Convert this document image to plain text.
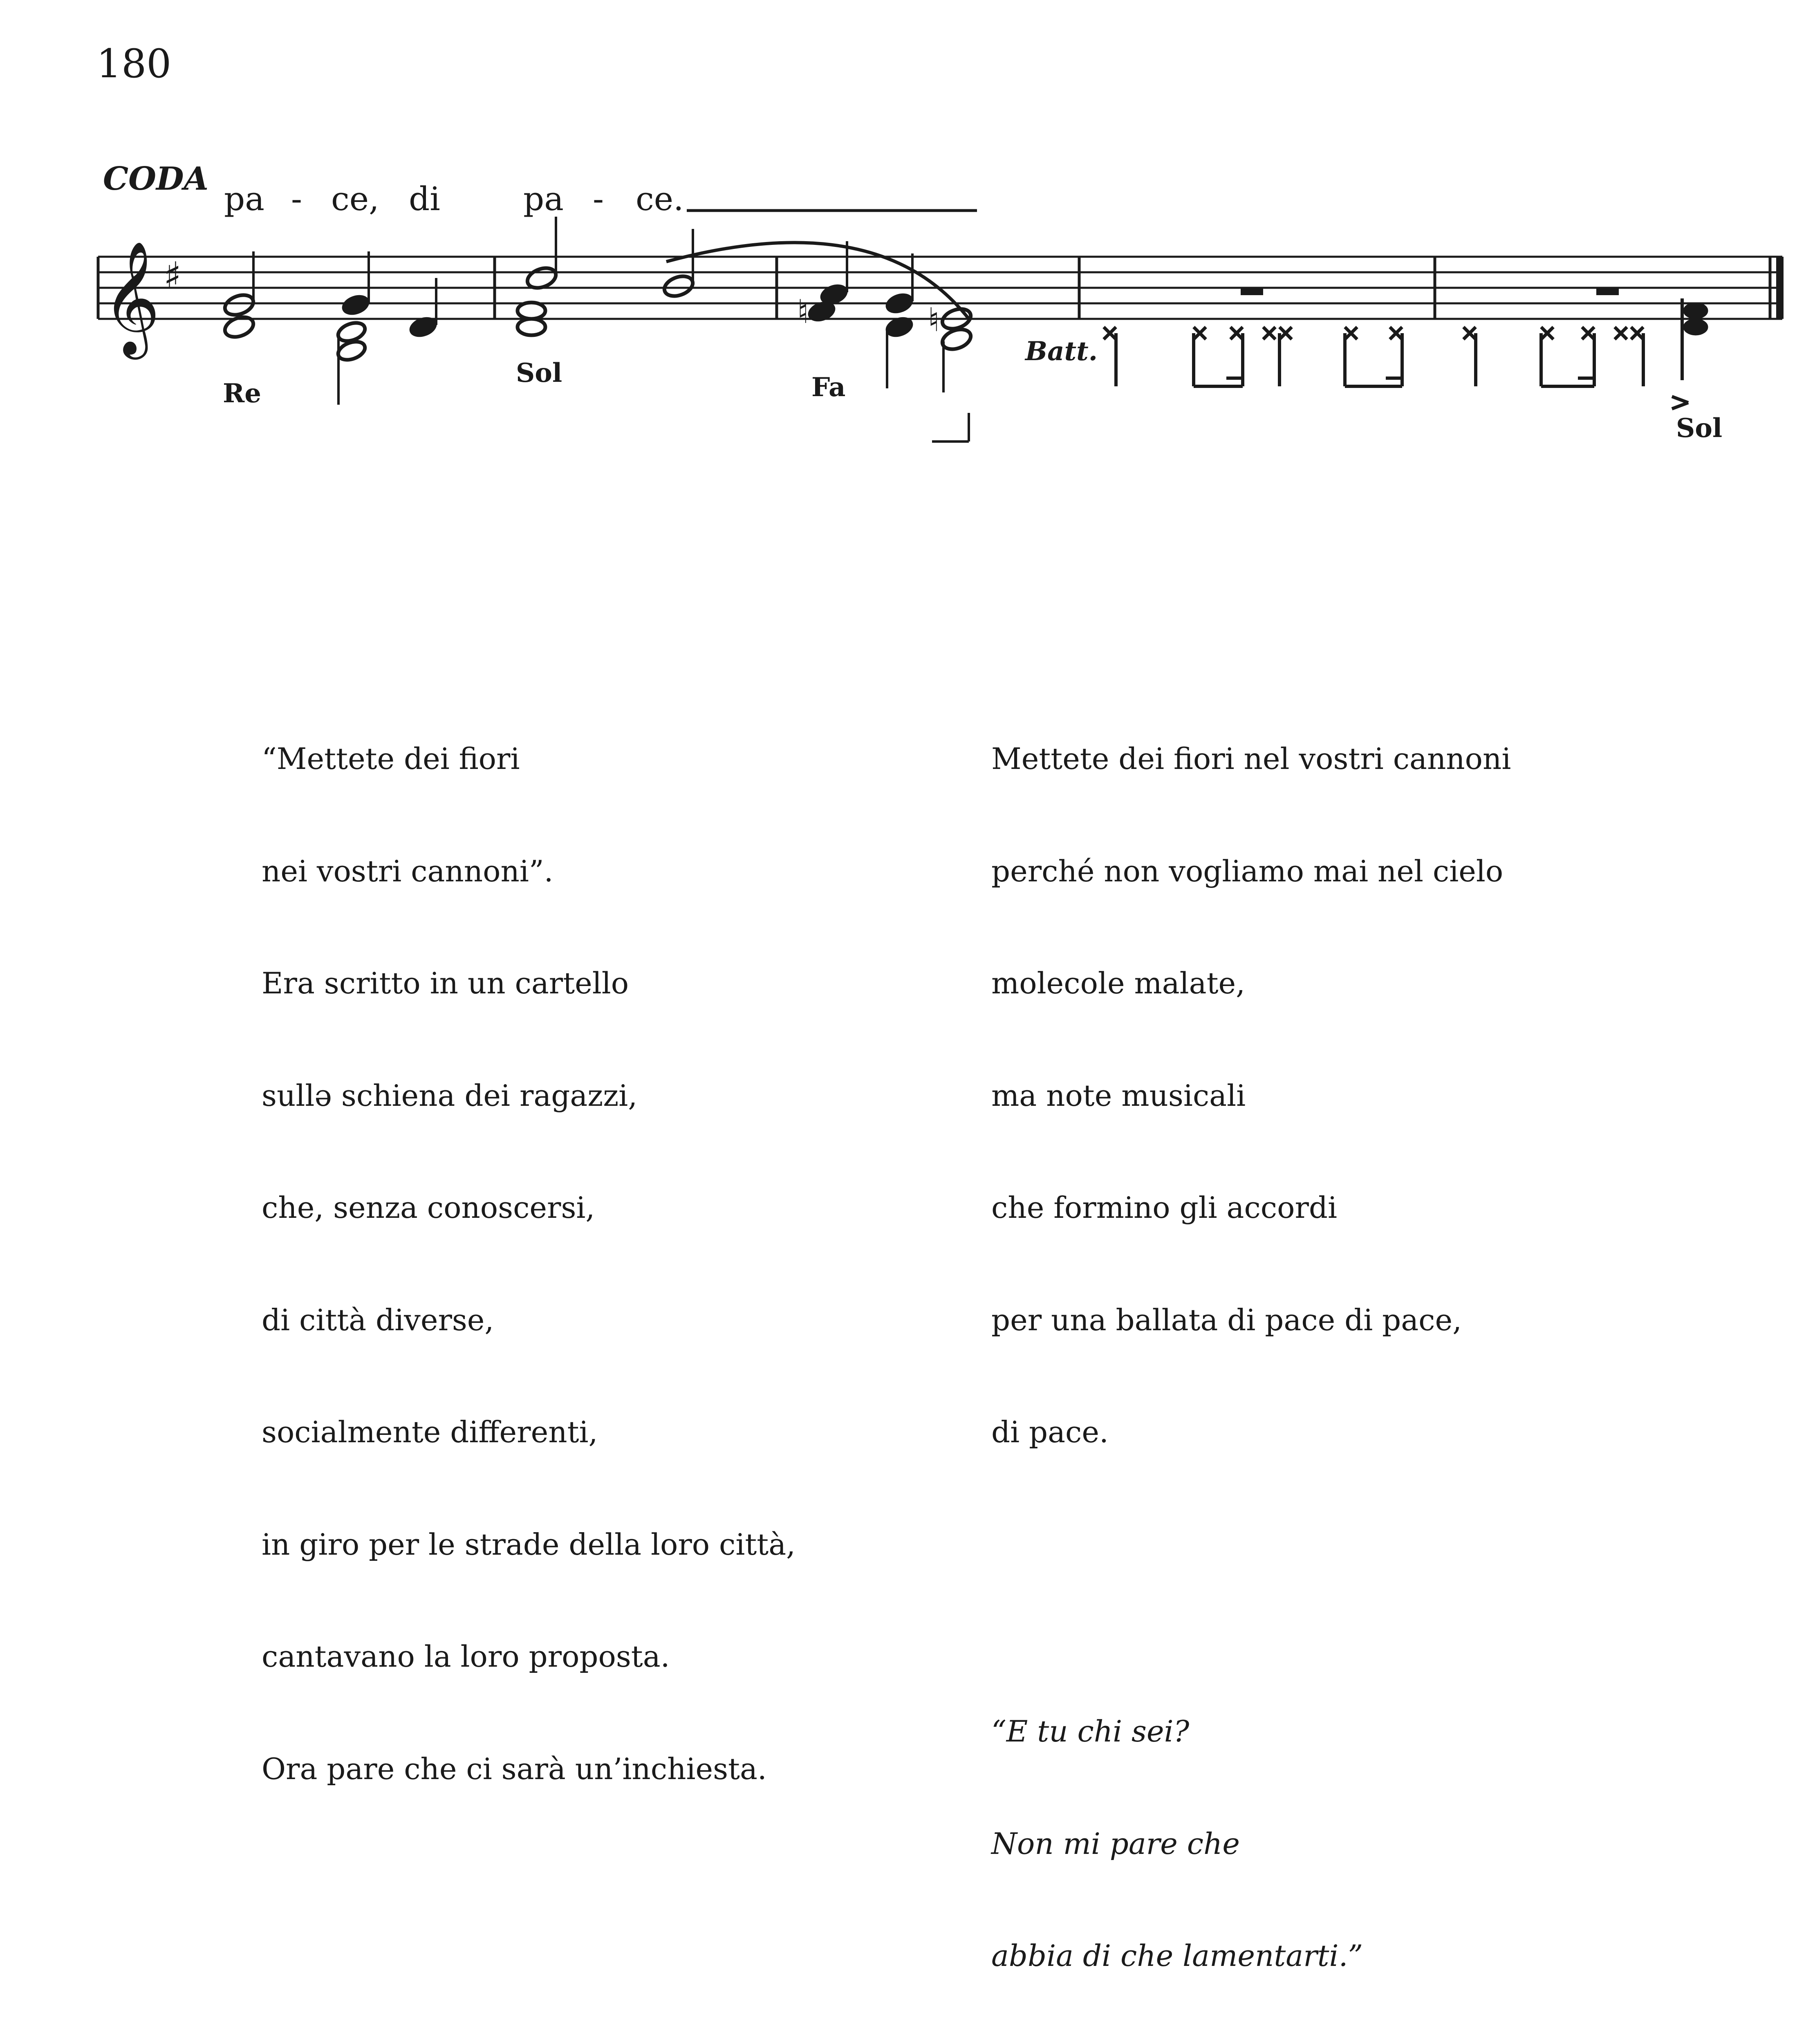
180
CODA
pa - ce, di	pa - ce.
Re
Sol	Fa
Sol
Batt.
𝄞 ♯
♮	♮

“Mettete dei fiori

nei vostri cannoni”.

Era scritto in un cartello

sullə schiena dei ragazzi,

che, senza conoscersi,

di città diverse,

socialmente differenti,

in giro per le strade della loro città,

cantavano la loro proposta.

Ora pare che ci sarà un’inchiesta.

Mettete dei fiori nel vostri cannoni

perché non vogliamo mai nel cielo

molecole malate,

ma note musicali

che formino gli accordi

per una ballata di pace di pace,

di pace.

“E tu chi sei?

Non mi pare che

abbia di che lamentarti.”
